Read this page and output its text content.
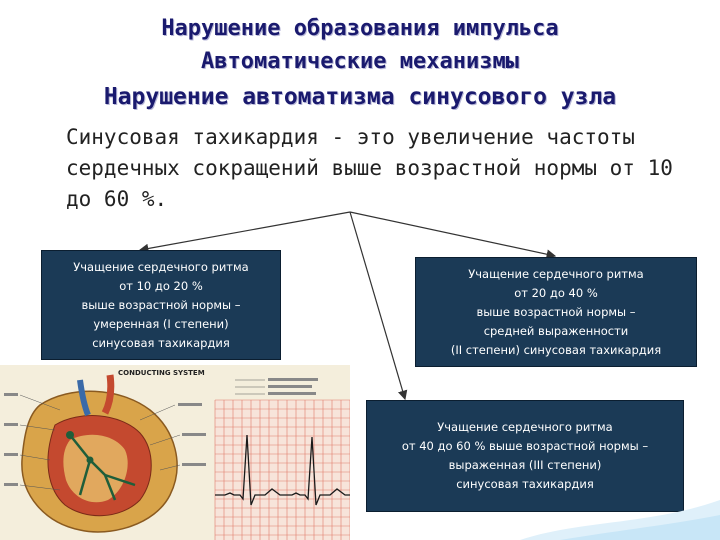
Нарушение образования импульса
Автоматические механизмы
Нарушение автоматизма синусового узла

Синусовая тахикардия - это увеличение частоты сердечных сокращений выше возрастной нормы от 10 до 60 %.

CONDUCTING SYSTEM
Учащение сердечного ритма
от 10 до 20 %
выше возрастной нормы –
умеренная (I степени)
синусовая тахикардия
Учащение сердечного ритма
от 20 до 40 %
выше возрастной нормы –
средней выраженности
(II степени) синусовая тахикардия
Учащение сердечного ритма
от 40 до 60 % выше возрастной нормы –
выраженная (III степени)
синусовая тахикардия
